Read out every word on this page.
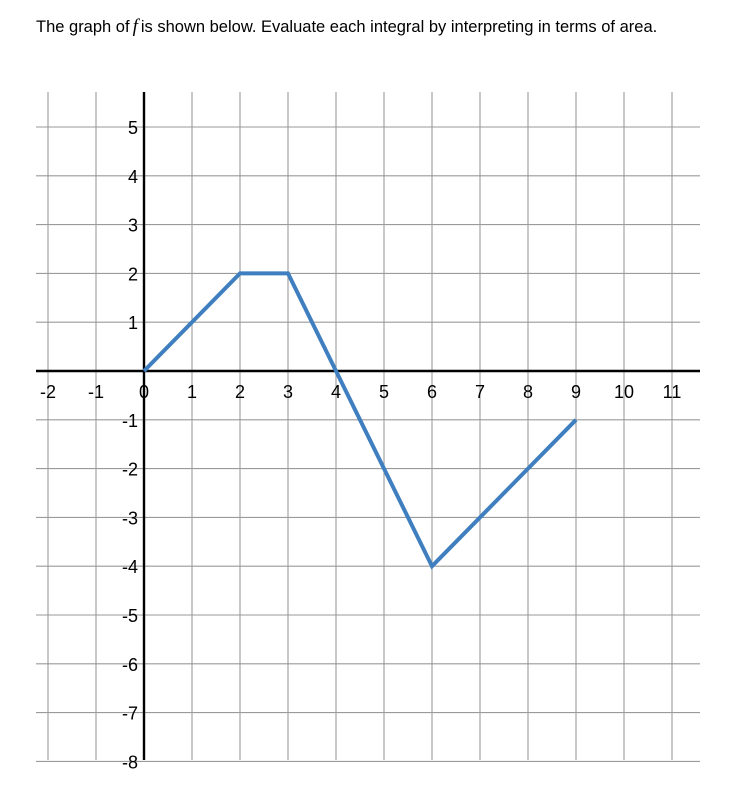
The graph of f is shown below. Evaluate each integral by interpreting in terms of area.
-2 -1 0 1 2 3 4 5 6 7 8 9 10 11
5
4
3
2
1
-1
-2
-3
-4
-5
-6
-7
-8
